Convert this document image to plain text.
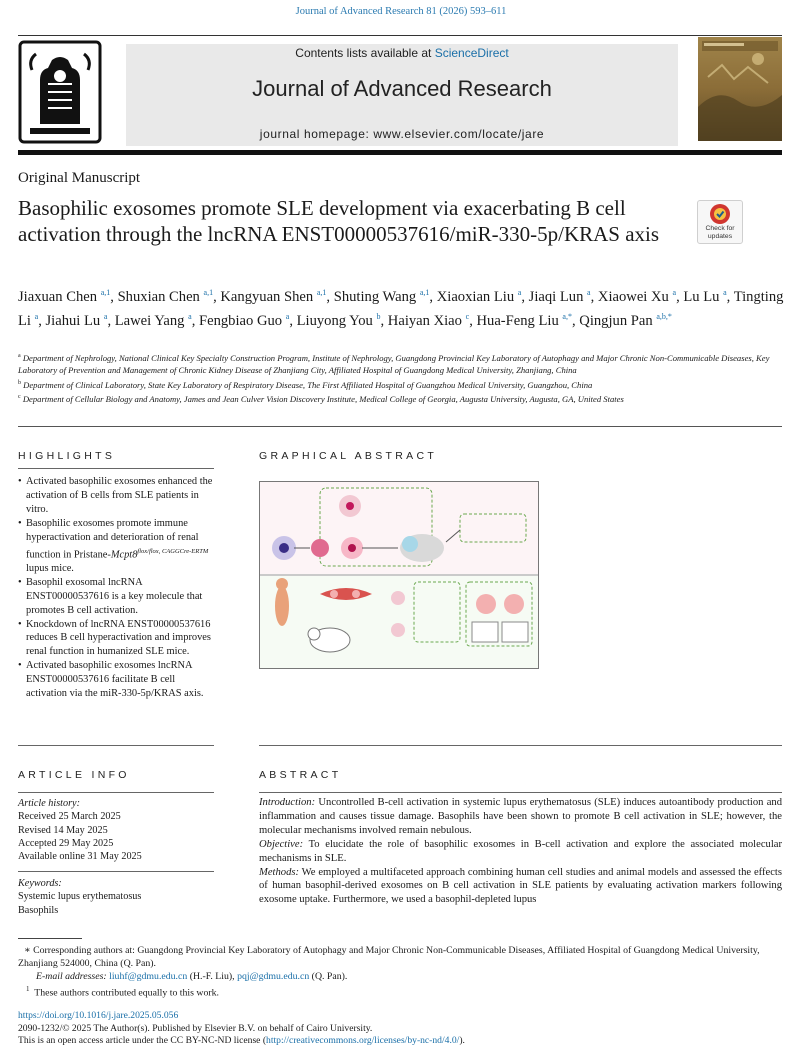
Journal of Advanced Research 81 (2026) 593–611
Contents lists available at ScienceDirect
Journal of Advanced Research
journal homepage: www.elsevier.com/locate/jare
Original Manuscript
Basophilic exosomes promote SLE development via exacerbating B cell activation through the lncRNA ENST00000537616/miR-330-5p/KRAS axis	Check for
updates
Jiaxuan Chen $^{a,1}$, Shuxian Chen $^{a,1}$, Kangyuan Shen $^{a,1}$, Shuting Wang $^{a,1}$, Xiaoxian Liu $^a$, Jiaqi Lun $^a$, Xiaowei Xu $^a$, Lu Lu $^a$, Tingting Li $^a$, Jiahui Lu $^a$, Lawei Yang $^a$, Fengbiao Guo $^a$, Liuyong You $^b$, Haiyan Xiao $^c$, Hua-Feng Liu $^{a,*}$, Qingjun Pan $^{a,b,*}$

$^a$ Department of Nephrology, National Clinical Key Specialty Construction Program, Institute of Nephrology, Guangdong Provincial Key Laboratory of Autophagy and Major Chronic Non-Communicable Diseases, Key Laboratory of Prevention and Management of Chronic Kidney Disease of Zhanjiang City, Affiliated Hospital of Guangdong Medical University, Zhanjiang, China

$^b$ Department of Clinical Laboratory, State Key Laboratory of Respiratory Disease, The First Affiliated Hospital of Guangzhou Medical University, Guangzhou, China

$^c$ Department of Cellular Biology and Anatomy, James and Jean Culver Vision Discovery Institute, Medical College of Georgia, Augusta University, Augusta, GA, United States

HIGHLIGHTS
• Activated basophilic exosomes enhanced the activation of B cells from SLE patients in vitro.
• Basophilic exosomes promote immune hyperactivation and deterioration of renal function in Pristane-$Mcpt8^{flox/flox, CAGGCre-ERTM}$ lupus mice.
• Basophil exosomal lncRNA ENST00000537616 is a key molecule that promotes B cell activation.
• Knockdown of lncRNA ENST00000537616 reduces B cell hyperactivation and improves renal function in humanized SLE mice.
• Activated basophilic exosomes lncRNA ENST00000537616 facilitate B cell activation via the miR-330-5p/KRAS axis.
GRAPHICAL ABSTRACT
ARTICLE INFO
Article history:
Received 25 March 2025
Revised 14 May 2025
Accepted 29 May 2025
Available online 31 May 2025
Keywords:
Systemic lupus erythematosus
Basophils
ABSTRACT

Introduction: Uncontrolled B-cell activation in systemic lupus erythematosus (SLE) induces autoantibody production and inflammation and causes tissue damage. Basophils have been shown to promote B cell activation in SLE; however, the molecular mechanisms involved remain nebulous.

Objective: To elucidate the role of basophilic exosomes in B-cell activation and explore the associated molecular mechanisms in SLE.

Methods: We employed a multifaceted approach combining human cell studies and animal models and assessed the effects of human basophil-derived exosomes on B cell activation in SLE patients by evaluating activation markers following exosome uptake. Furthermore, we used a basophil-depleted lupus

∗ Corresponding authors at: Guangdong Provincial Key Laboratory of Autophagy and Major Chronic Non-Communicable Diseases, Affiliated Hospital of Guangdong Medical University, Zhanjiang 524000, China (Q. Pan).
E-mail addresses: liuhf@gdmu.edu.cn (H.-F. Liu), pqj@gdmu.edu.cn (Q. Pan).
$^1$ These authors contributed equally to this work.
https://doi.org/10.1016/j.jare.2025.05.056
2090-1232/© 2025 The Author(s). Published by Elsevier B.V. on behalf of Cairo University.
This is an open access article under the CC BY-NC-ND license (http://creativecommons.org/licenses/by-nc-nd/4.0/).
